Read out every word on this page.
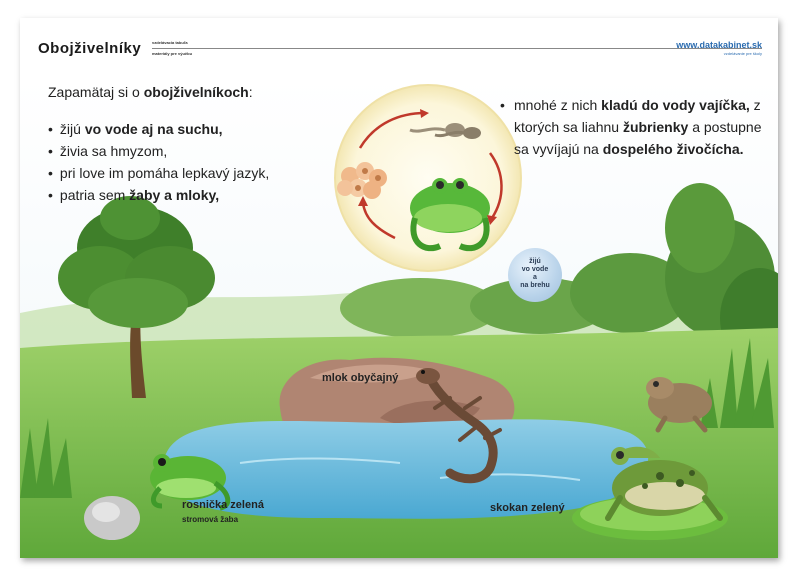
Obojživelníky	vzdelávacia tabuľa
materiály pre výučbu
www.datakabinet.sk
vzdelávanie pre školy
Zapamätaj si o obojživelníkoch:
• žijú vo vode aj na suchu,
• živia sa hmyzom,
• pri love im pomáha lepkavý jazyk,
• patria sem žaby a mloky,
• mnohé z nich kladú do vody vajíčka, z ktorých sa liahnu žubrienky a postupne sa vyvíjajú na dospelého živočícha.
žijú
vo vode
a
na brehu
mlok obyčajný
rosnička zelená
stromová žaba
skokan zelený
